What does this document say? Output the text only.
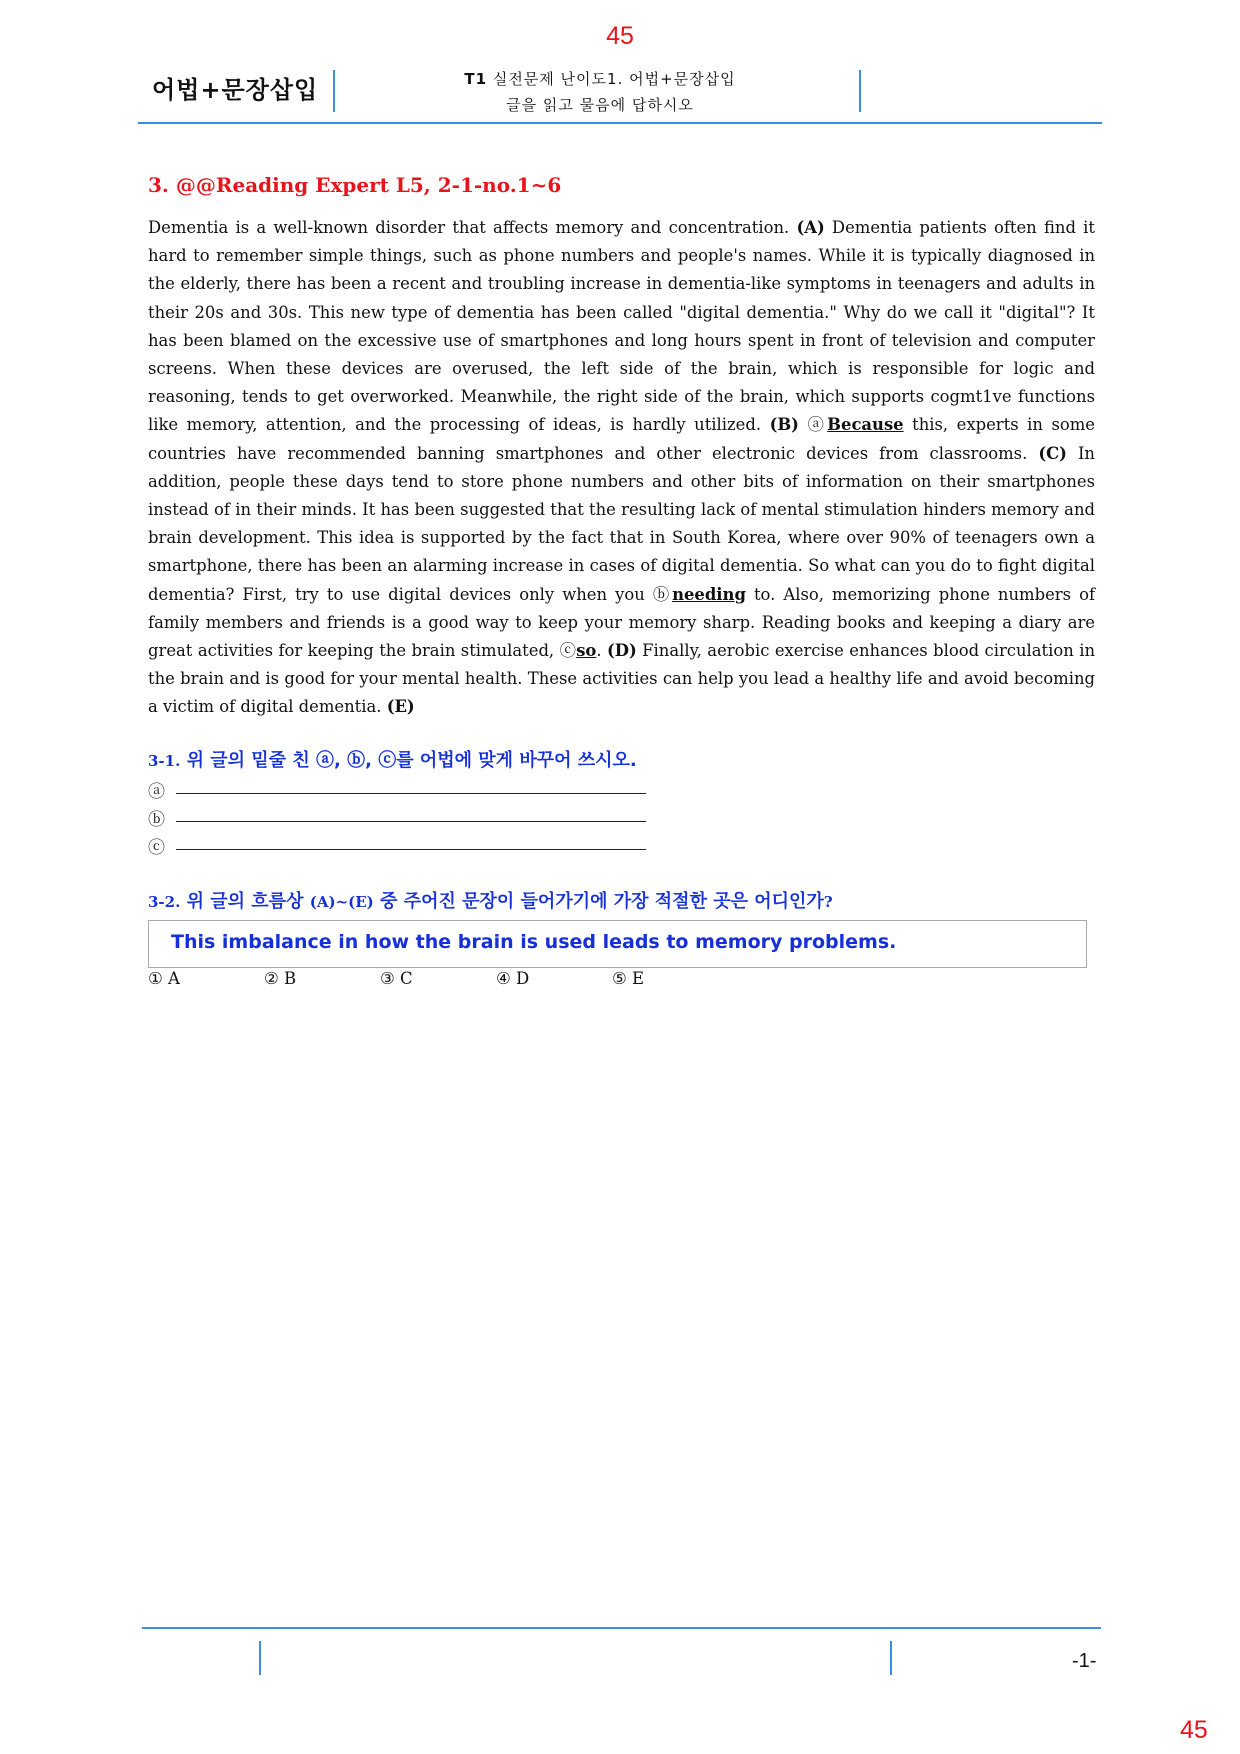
45
어법+문장삽입	T1 실전문제 난이도1. 어법+문장삽입
글을 읽고 물음에 답하시오
3. @@Reading Expert L5, 2-1-no.1~6
Dementia is a well-known disorder that affects memory and concentration. (A) Dementia patients often find it hard to remember simple things, such as phone numbers and people's names. While it is typically diagnosed in the elderly, there has been a recent and troubling increase in dementia-like symptoms in teenagers and adults in their 20s and 30s. This new type of dementia has been called "digital dementia." Why do we call it "digital"? It has been blamed on the excessive use of smartphones and long hours spent in front of television and computer screens. When these devices are overused, the left side of the brain, which is responsible for logic and reasoning, tends to get overworked. Meanwhile, the right side of the brain, which supports cogmt1ve functions like memory, attention, and the processing of ideas, is hardly utilized. (B) ⓐBecause this, experts in some countries have recommended banning smartphones and other electronic devices from classrooms. (C) In addition, people these days tend to store phone numbers and other bits of information on their smartphones instead of in their minds. It has been suggested that the resulting lack of mental stimulation hinders memory and brain development. This idea is supported by the fact that in South Korea, where over 90% of teenagers own a smartphone, there has been an alarming increase in cases of digital dementia. So what can you do to fight digital dementia? First, try to use digital devices only when you ⓑneeding to. Also, memorizing phone numbers of family members and friends is a good way to keep your memory sharp. Reading books and keeping a diary are great activities for keeping the brain stimulated, ⓒso. (D) Finally, aerobic exercise enhances blood circulation in the brain and is good for your mental health. These activities can help you lead a healthy life and avoid becoming a victim of digital dementia. (E)
3-1. 위 글의 밑줄 친 ⓐ, ⓑ, ⓒ를 어법에 맞게 바꾸어 쓰시오.
ⓐ
ⓑ
ⓒ
3-2. 위 글의 흐름상 (A)~(E) 중 주어진 문장이 들어가기에 가장 적절한 곳은 어디인가?
This imbalance in how the brain is used leads to memory problems.
① A	② B	③ C	④ D	⑤ E
-1-
45
